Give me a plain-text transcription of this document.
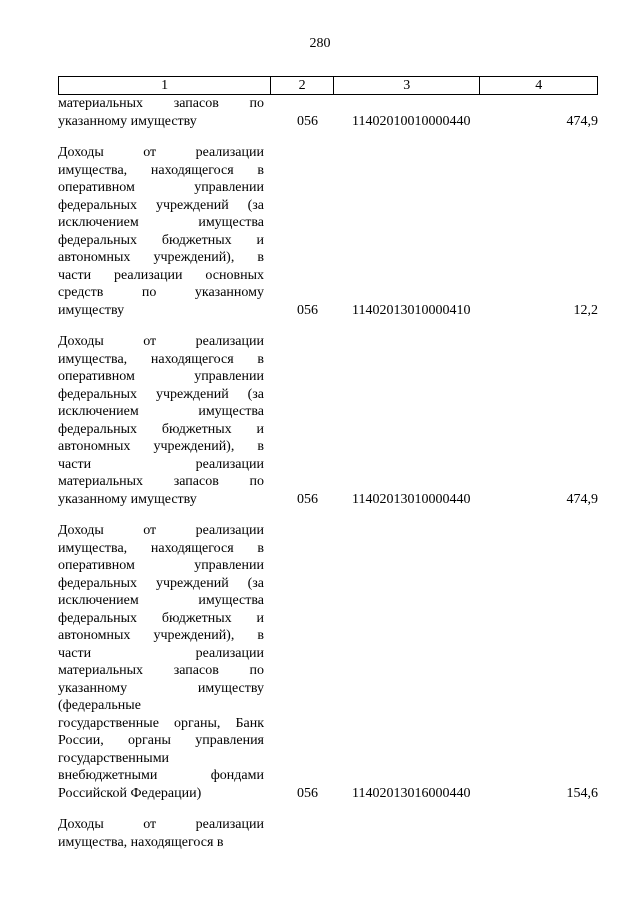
280
1	2	3	4
материальных запасов по
указанному имуществу	056 11402010010000440	474,9
Доходы от реализации
имущества, находящегося в
оперативном управлении
федеральных учреждений (за
исключением имущества
федеральных бюджетных и
автономных учреждений), в
части реализации основных
средств по указанному
имуществу	056 11402013010000410	12,2
Доходы от реализации
имущества, находящегося в
оперативном управлении
федеральных учреждений (за
исключением имущества
федеральных бюджетных и
автономных учреждений), в
части реализации
материальных запасов по
указанному имуществу	056 11402013010000440	474,9
Доходы от реализации
имущества, находящегося в
оперативном управлении
федеральных учреждений (за
исключением имущества
федеральных бюджетных и
автономных учреждений), в
части реализации
материальных запасов по
указанному имуществу
(федеральные
государственные органы, Банк
России, органы управления
государственными
внебюджетными фондами
Российской Федерации)	056 11402013016000440	154,6
Доходы от реализации
имущества, находящегося в
